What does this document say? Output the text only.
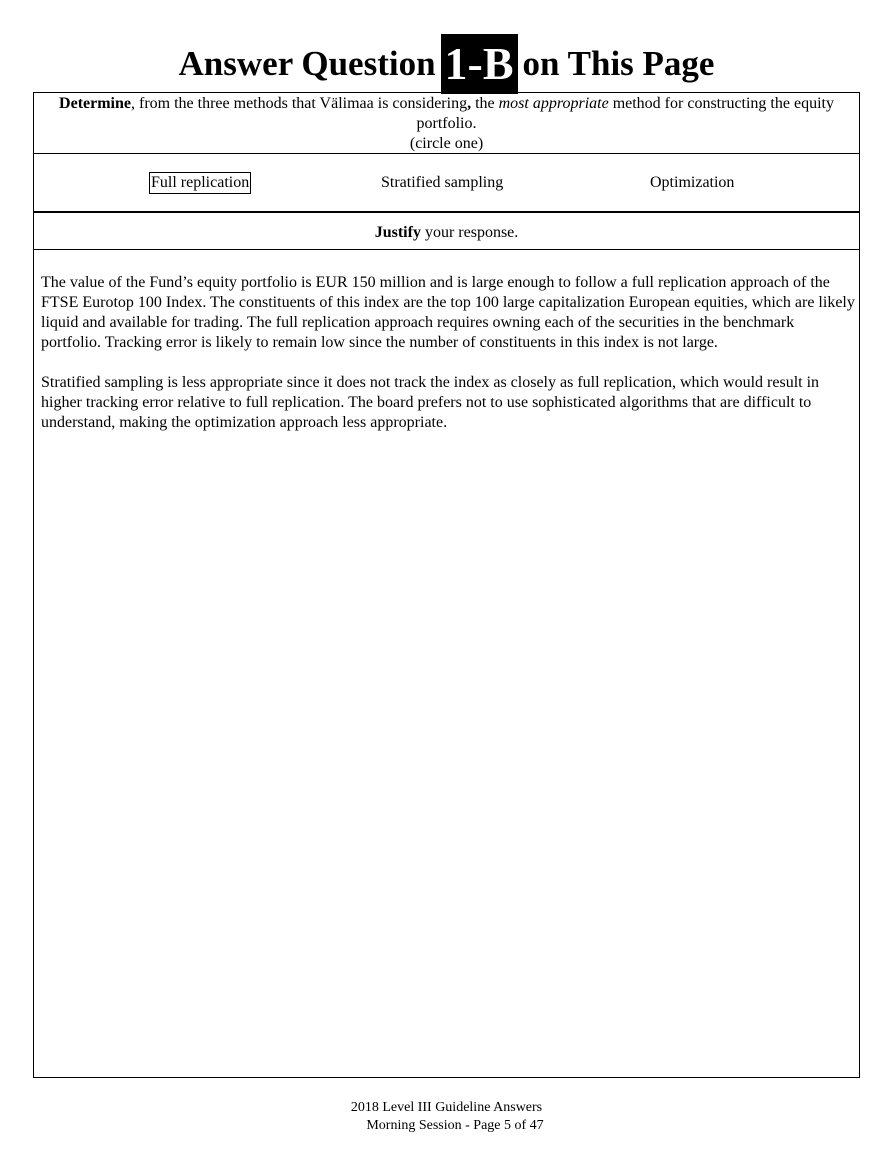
Answer Question 1-B on This Page
Determine, from the three methods that Välimaa is considering, the most appropriate method for constructing the equity portfolio.
(circle one)
Full replication	Stratified sampling	Optimization
Justify your response.

The value of the Fund’s equity portfolio is EUR 150 million and is large enough to follow a full replication approach of the FTSE Eurotop 100 Index. The constituents of this index are the top 100 large capitalization European equities, which are likely liquid and available for trading. The full replication approach requires owning each of the securities in the benchmark portfolio. Tracking error is likely to remain low since the number of constituents in this index is not large.

Stratified sampling is less appropriate since it does not track the index as closely as full replication, which would result in higher tracking error relative to full replication. The board prefers not to use sophisticated algorithms that are difficult to understand, making the optimization approach less appropriate.

2018 Level III Guideline Answers
Morning Session - Page 5 of 47
